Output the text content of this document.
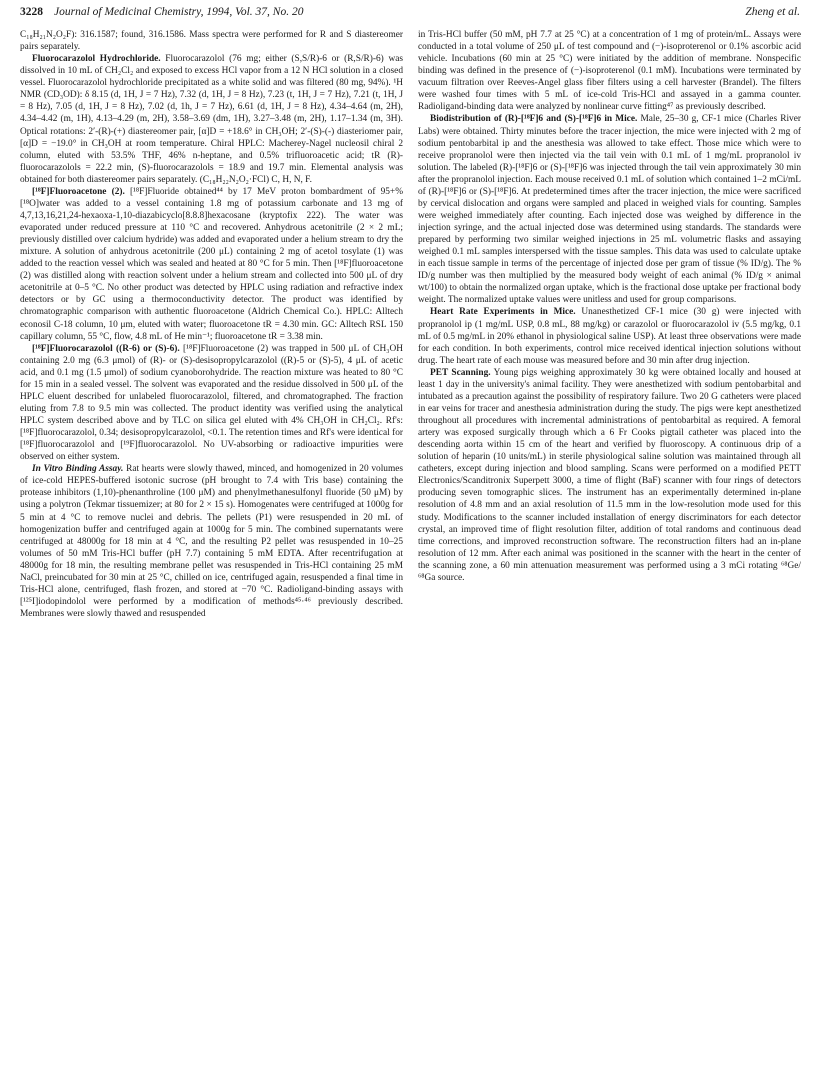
3228 Journal of Medicinal Chemistry, 1994, Vol. 37, No. 20	Zheng et al.

C₁₈H₂₁N₂O₂F): 316.1587; found, 316.1586. Mass spectra were performed for R and S diastereomer pairs separately.

Fluorocarazolol Hydrochloride. Fluorocarazolol (76 mg; either (S,S/R)-6 or (R,S/R)-6) was dissolved in 10 mL of CH₂Cl₂ and exposed to excess HCl vapor from a 12 N HCl solution in a closed vessel. Fluorocarazolol hydrochloride precipitated as a white solid and was filtered (80 mg, 94%). ¹H NMR (CD₃OD): δ 8.15 (d, 1H, J = 7 Hz), 7.32 (d, 1H, J = 8 Hz), 7.23 (t, 1H, J = 7 Hz), 7.21 (t, 1H, J = 8 Hz), 7.05 (d, 1H, J = 8 Hz), 7.02 (d, 1h, J = 7 Hz), 6.61 (d, 1H, J = 8 Hz), 4.34–4.64 (m, 2H), 4.34–4.42 (m, 1H), 4.13–4.29 (m, 2H), 3.58–3.69 (dm, 1H), 3.27–3.48 (m, 2H), 1.17–1.34 (m, 3H). Optical rotations: 2′-(R)-(+) diastereomer pair, [α]D = +18.6° in CH₃OH; 2′-(S)-(-) diasteriomer pair, [α]D = −19.0° in CH₃OH at room temperature. Chiral HPLC: Macherey-Nagel nucleosil chiral 2 column, eluted with 53.5% THF, 46% n-heptane, and 0.5% trifluoroacetic acid; tR (R)-fluorocarazolols = 22.2 min, (S)-fluorocarazolols = 18.9 and 19.7 min. Elemental analysis was obtained for both diastereomer pairs separately. (C₁₈H₂₂N₂O₂·FCl) C, H, N, F.

[¹⁸F]Fluoroacetone (2). [¹⁸F]Fluoride obtained⁴⁴ by 17 MeV proton bombardment of 95+% [¹⁸O]water was added to a vessel containing 1.8 mg of potassium carbonate and 13 mg of 4,7,13,16,21,24-hexaoxa-1,10-diazabicyclo[8.8.8]hexacosane (kryptofix 222). The water was evaporated under reduced pressure at 110 °C and recovered. Anhydrous acetonitrile (2 × 2 mL; previously distilled over calcium hydride) was added and evaporated under a helium stream to dry the mixture. A solution of anhydrous acetonitrile (200 μL) containing 2 mg of acetol tosylate (1) was added to the reaction vessel which was sealed and heated at 80 °C for 5 min. Then [¹⁸F]fluoroacetone (2) was distilled along with reaction solvent under a helium stream and collected into 500 μL of dry acetonitrile at 0–5 °C. No other product was detected by HPLC using radiation and refractive index detectors or by GC using a thermoconductivity detector. The product was identified by chromatographic comparison with authentic fluoroacetone (Aldrich Chemical Co.). HPLC: Alltech econosil C-18 column, 10 μm, eluted with water; fluoroacetone tR = 4.30 min. GC: Alltech RSL 150 capillary column, 55 °C, flow, 4.8 mL of He min⁻¹; fluoroacetone tR = 3.38 min.

[¹⁸F]Fluorocarazolol ((R-6) or (S)-6). [¹⁸F]Fluoroacetone (2) was trapped in 500 μL of CH₃OH containing 2.0 mg (6.3 μmol) of (R)- or (S)-desisopropylcarazolol ((R)-5 or (S)-5), 4 μL of acetic acid, and 0.1 mg (1.5 μmol) of sodium cyanoborohydride. The reaction mixture was heated to 80 °C for 15 min in a sealed vessel. The solvent was evaporated and the residue dissolved in 500 μL of the HPLC eluent described for unlabeled fluorocarazolol, filtered, and chromatographed. The fraction eluting from 7.8 to 9.5 min was collected. The product identity was verified using the analytical HPLC system described above and by TLC on silica gel eluted with 4% CH₃OH in CH₂Cl₂. Rf's: [¹⁸F]fluorocarazolol, 0.34; desisopropylcarazolol, <0.1. The retention times and Rf's were identical for [¹⁸F]fluorocarazolol and [¹⁹F]fluorocarazolol. No UV-absorbing or radioactive impurities were observed on either system.

In Vitro Binding Assay. Rat hearts were slowly thawed, minced, and homogenized in 20 volumes of ice-cold HEPES-buffered isotonic sucrose (pH brought to 7.4 with Tris base) containing the protease inhibitors (1,10)-phenanthroline (100 μM) and phenylmethanesulfonyl fluoride (50 μM) by using a polytron (Tekmar tissuemizer; at 80 for 2 × 15 s). Homogenates were centrifuged at 1000g for 5 min at 4 °C to remove nuclei and debris. The pellets (P1) were resuspended in 20 mL of homogenization buffer and centrifuged again at 1000g for 5 min. The combined supernatants were centrifuged at 48000g for 18 min at 4 °C, and the resulting P2 pellet was resuspended in 10–25 volumes of 50 mM Tris-HCl buffer (pH 7.7) containing 5 mM EDTA. After recentrifugation at 48000g for 18 min, the resulting membrane pellet was resuspended in Tris-HCl containing 25 mM NaCl, preincubated for 30 min at 25 °C, chilled on ice, centrifuged again, resuspended a final time in Tris-HCl alone, centrifuged, flash frozen, and stored at −70 °C. Radioligand-binding assays with [¹²⁵I]iodopindolol were performed by a modification of methods⁴⁵·⁴⁶ previously described. Membranes were slowly thawed and resuspended

in Tris-HCl buffer (50 mM, pH 7.7 at 25 °C) at a concentration of 1 mg of protein/mL. Assays were conducted in a total volume of 250 μL of test compound and (−)-isoproterenol or 0.1% ascorbic acid vehicle. Incubations (60 min at 25 °C) were initiated by the addition of membrane. Nonspecific binding was defined in the presence of (−)-isoproterenol (0.1 mM). Incubations were terminated by vacuum filtration over Reeves-Angel glass fiber filters using a cell harvester (Brandel). The filters were washed four times with 5 mL of ice-cold Tris-HCl and assayed in a gamma counter. Radioligand-binding data were analyzed by nonlinear curve fitting⁴⁷ as previously described.

Biodistribution of (R)-[¹⁸F]6 and (S)-[¹⁸F]6 in Mice. Male, 25–30 g, CF-1 mice (Charles River Labs) were obtained. Thirty minutes before the tracer injection, the mice were injected with 2 mg of sodium pentobarbital ip and the anesthesia was allowed to take effect. Those mice which were to receive propranolol were then injected via the tail vein with 0.1 mL of 1 mg/mL propranolol iv solution. The labeled (R)-[¹⁸F]6 or (S)-[¹⁸F]6 was injected through the tail vein approximately 30 min after the propranolol injection. Each mouse received 0.1 mL of solution which contained 1–2 mCi/mL of (R)-[¹⁸F]6 or (S)-[¹⁸F]6. At predetermined times after the tracer injection, the mice were sacrificed by cervical dislocation and organs were sampled and placed in weighed vials for counting. Samples were weighed immediately after counting. Each injected dose was weighed by difference in the injection syringe, and the actual injected dose was determined using standards. The standards were prepared by performing two similar weighed injections in 25 mL volumetric flasks and assaying weighed 0.1 mL samples interspersed with the tissue samples. This data was used to calculate uptake in each tissue sample in terms of the percentage of injected dose per gram of tissue (% ID/g). The % ID/g number was then multiplied by the measured body weight of each animal (% ID/g × animal wt/100) to obtain the normalized organ uptake, which is the fractional dose uptake per fractional body weight. The normalized uptake values were unitless and used for group comparisons.

Heart Rate Experiments in Mice. Unanesthetized CF-1 mice (30 g) were injected with propranolol ip (1 mg/mL USP, 0.8 mL, 88 mg/kg) or carazolol or fluorocarazolol iv (5.5 mg/kg, 0.1 mL of 0.5 mg/mL in 20% ethanol in physiological saline USP). At least three observations were made for each condition. In both experiments, control mice received identical injection solutions without drug. The heart rate of each mouse was measured before and 30 min after drug injection.

PET Scanning. Young pigs weighing approximately 30 kg were obtained locally and housed at least 1 day in the university's animal facility. They were anesthetized with sodium pentobarbital and intubated as a precaution against the possibility of respiratory failure. Two 20 G catheters were placed in ear veins for tracer and anesthesia administration during the study. The pigs were kept anesthetized throughout all procedures with incremental administrations of pentobarbital as required. A femoral artery was exposed surgically through which a 6 Fr Cooks pigtail catheter was placed into the descending aorta within 15 cm of the heart and verified by fluoroscopy. A continuous drip of a solution of heparin (10 units/mL) in sterile physiological saline solution was maintained through all catheters, except during injection and blood sampling. Scans were performed on a modified PETT Electronics/Scanditronix Superpett 3000, a time of flight (BaF) scanner with four rings of detectors producing seven tomographic slices. The instrument has an experimentally determined in-plane resolution of 4.8 mm and an axial resolution of 11.5 mm in the low-resolution mode used for this study. Modifications to the scanner included installation of energy discriminators for each detector crystal, an improved time of flight resolution filter, addition of total randoms and continuous dead time corrections, and improved reconstruction software. The reconstruction filters had an in-plane resolution of 12 mm. After each animal was positioned in the scanner with the heart in the center of the scanning zone, a 60 min attenuation measurement was performed using a 3 mCi rotating ⁶⁸Ge/⁶⁸Ga source.
